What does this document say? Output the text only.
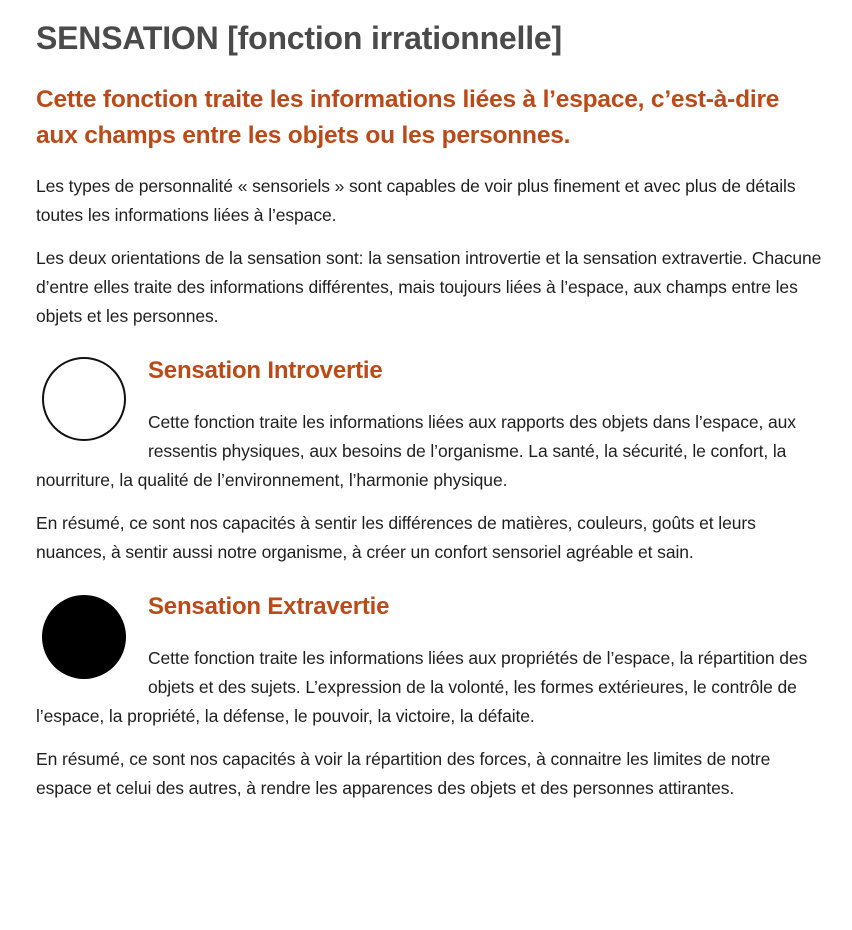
SENSATION [fonction irrationnelle]
Cette fonction traite les informations liées à l’espace, c’est-à-dire aux champs entre les objets ou les personnes.

Les types de personnalité « sensoriels » sont capables de voir plus finement et avec plus de détails toutes les informations liées à l’espace.

Les deux orientations de la sensation sont: la sensation introvertie et la sensation extravertie. Chacune d’entre elles traite des informations différentes, mais toujours liées à l’espace, aux champs entre les objets et les personnes.

Sensation Introvertie

Cette fonction traite les informations liées aux rapports des objets dans l’espace, aux ressentis physiques, aux besoins de l’organisme. La santé, la sécurité, le confort, la nourriture, la qualité de l’environnement, l’harmonie physique.

En résumé, ce sont nos capacités à sentir les différences de matières, couleurs, goûts et leurs nuances, à sentir aussi notre organisme, à créer un confort sensoriel agréable et sain.

Sensation Extravertie

Cette fonction traite les informations liées aux propriétés de l’espace, la répartition des objets et des sujets. L’expression de la volonté, les formes extérieures, le contrôle de l’espace, la propriété, la défense, le pouvoir, la victoire, la défaite.

En résumé, ce sont nos capacités à voir la répartition des forces, à connaitre les limites de notre espace et celui des autres, à rendre les apparences des objets et des personnes attirantes.
